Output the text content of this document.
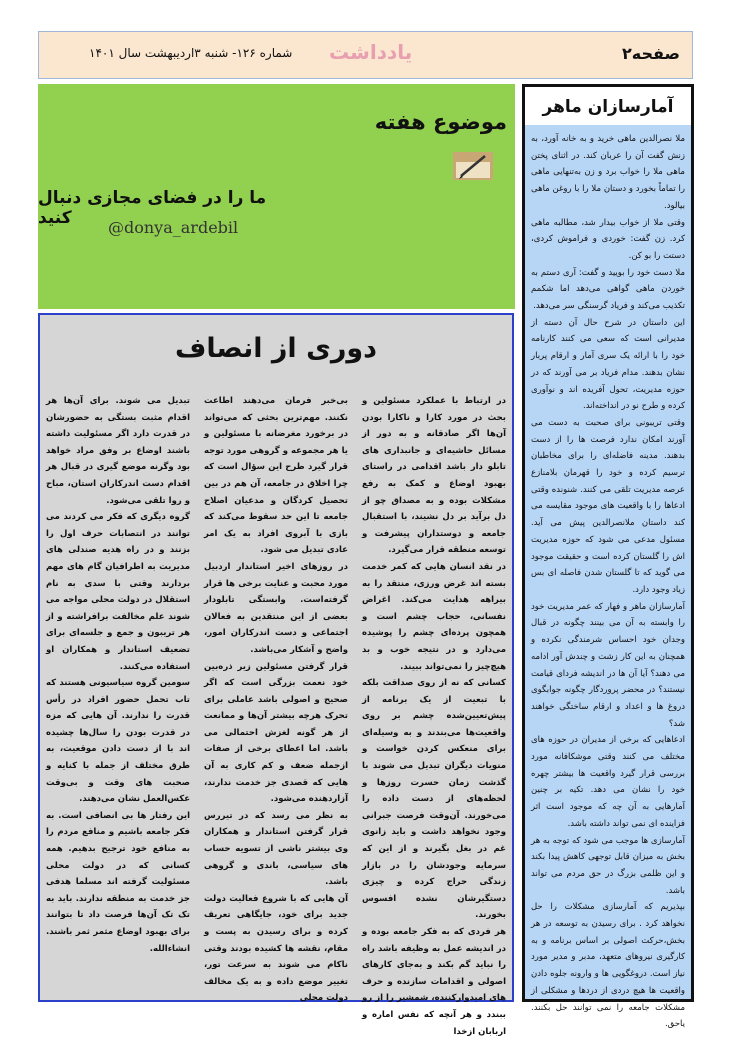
صفحه۲
یادداشت
شماره ۱۲۶- شنبه ۳اردیبهشت سال ۱۴۰۱
موضوع هفته
ما را در فضای مجازی دنبال کنید	@donya_ardebil
آمارسازان ماهر

ملا نصرالدین ماهی خرید و به خانه آورد، به زنش گفت آن را عربان کند. در اثنای پختن ماهی ملا را خواب برد و زن به‌تنهایی ماهی را تماماً بخورد و دستان ملا را با روغن ماهی بیالود.

وقتی ملا از خواب بیدار شد، مطالبه ماهی کرد. زن گفت: خوردی و فراموش کردی، دستت را بو کن.

ملا دست خود را بویید و گفت: آری دستم به خوردن ماهی گواهی می‌دهد اما شکمم تکذیب می‌کند و فریاد گرسنگی سر می‌دهد.

این داستان در شرح حال آن دسته از مدیرانی است که سعی می کنند کارنامه خود را با ارائه یک سری آمار و ارقام پربار نشان بدهند. مدام فریاد بر می آورند که در حوزه مدیریت، تحول آفریده اند و نوآوری کرده و طرح نو در انداخته‌اند.

وقتی تریبونی برای صحبت به دست می آورند امکان ندارد فرصت ها را از دست بدهند. مدینه فاضله‌ای را برای مخاطبان ترسیم کرده و خود را قهرمان بلامنازع عرصه مدیریت تلقی می کنند. شنونده وقتی ادعاها را با واقعیت های موجود مقایسه می کند داستان ملانصرالدین پیش می آید. مسئول مدعی می شود که حوزه مدیریت اش را گلستان کرده است و حقیقت موجود می گوید که تا گلستان شدن فاصله ای بس زیاد وجود دارد.

آمارسازان ماهر و فهار که عمر مدیریت خود را وابسته به آن می بینند چگونه در قبال وجدان خود احساس شرمندگی نکرده و همچنان به این کار زشت و چندش آور ادامه می دهند؟ آیا آن ها در اندیشه فردای قیامت نیستند؟ در محضر پروردگار چگونه جوابگوی دروغ ها و اعداد و ارقام ساختگی خواهند شد؟

ادعاهایی که برخی از مدیران در حوزه های مختلف می کنند وقتی موشکافانه مورد بررسی قرار گیرد واقعیت ها بیشتر چهره خود را نشان می دهد. تکیه بر چنین آمارهایی به آن چه که موجود است اثر فزاینده ای نمی تواند داشته باشد.

آمارسازی ها موجب می شود که توجه به هر بخش به میزان قابل توجهی کاهش پیدا بکند و این ظلمی بزرگ در حق مردم می تواند باشد.

بپذیریم که آمارسازی مشکلات را حل نخواهد کرد . برای رسیدن به توسعه در هر بخش،حرکت اصولی بر اساس برنامه و به کارگیری نیروهای متعهد، مدبر و مدیر مورد نیاز است. دروغگویی ها و وارونه جلوه دادن واقعیت ها هیچ دردی از دردها و مشکلی از مشکلات جامعه را نمی توانند حل بکنند. یاحق.

دوری از انصاف

در ارتباط با عملکرد مسئولین و بحث در مورد کارا و ناکارا بودن آن‌ها اگر صادقانه و به دور از مسائل حاشیه‌ای و جانبداری های تابلو دار باشد اقدامی در راستای بهبود اوضاع و کمک به رفع مشکلات بوده و به مصداق چو از دل برآید بر دل نشیند، با استقبال جامعه و دوستداران پیشرفت و توسعه منطقه قرار می‌گیرد.

در نقد انسان هایی که کمر خدمت بسته اند غرض ورزی، منتقد را به بیراهه هدایت می‌کند. اغراض نفسانی، حجاب چشم است و همچون پرده‌ای چشم را پوشیده می‌دارد و در نتیجه خوب و بد هیچ‌چیز را نمی‌تواند ببیند.

کسانی که نه از روی صداقت بلکه با تبعیت از یک برنامه از پیش‌تعیین‌شده چشم بر روی واقعیت‌ها می‌بندند و به وسیله‌ای برای منعکس کردن خواست و منویات دیگران تبدیل می شوند با گذشت زمان حسرت روزها و لحظه‌های از دست داده را می‌خورند. آن‌وقت فرصت جبرانی وجود نخواهد داشت و باید زانوی غم در بغل بگیرند و از این که سرمایه وجودشان را در بازار زندگی حراج کرده و چیزی دستگیرشان نشده افسوس بخورند.

هر فردی که به فکر جامعه بوده و در اندیشه عمل به وظیفه باشد راه را نباید گم بکند و به‌جای کارهای اصولی و اقدامات سازنده و حرف های امیدوارکننده، شمشیر را از رو ببندد و هر آنچه که نفس اماره و اربابان ازخدا

بی‌خبر فرمان می‌دهند اطاعت نکنند. مهم‌ترین بحثی که می‌تواند در برخورد مغرضانه با مسئولین و یا هر مجموعه و گروهی مورد توجه قرار گیرد طرح این سؤال است که چرا اخلاق در جامعه، آن هم در بین تحصیل کردگان و مدعیان اصلاح جامعه تا این حد سقوط می‌کند که بازی با آبروی افراد به یک امر عادی تبدیل می شود.

در روزهای اخیر استاندار اردبیل مورد محبت و عنایت برخی ها قرار گرفته‌است. وابستگی تابلودار بعضی از این منتقدین به فعالان اجتماعی و دست اندرکاران امور، واضح و آشکار می‌باشد.

قرار گرفتن مسئولین زیر ذره‌بین خود نعمت بزرگی است که اگر صحیح و اصولی باشد عاملی برای تحرک هرچه بیشتر آن‌ها و ممانعت از هر گونه لغزش احتمالی می باشد. اما اعطای برخی از صفات ازجمله ضعف و کم کاری به آن هایی که قصدی جز خدمت ندارند، آزاردهنده می‌شود.

به نظر می رسد که در تیررس قرار گرفتن استاندار و همکاران وی بیشتر ناشی از تسویه حساب های سیاسی، باندی و گروهی باشد.

آن هایی که با شروع فعالیت دولت جدید برای خود، جایگاهی تعریف کرده و برای رسیدن به پست و مقام، نقشه ها کشیده بودند وقتی ناکام می شوند به سرعت تور، تغییر موضع داده و به یک مخالف دولت محلی

تبدیل می شوند. برای آن‌ها هر اقدام مثبت بستگی به حضورشان در قدرت دارد اگر مسئولیت داشته باشند اوضاع بر وفق مراد خواهد بود وگرنه موضع گیری در قبال هر اقدام دست اندرکاران استان، مباح و روا تلقی می‌شود.

گروه دیگری که فکر می کردند می توانند در انتصابات حرف اول را بزنند و در راه هدیه صندلی های مدیریت به اطرافیان گام های مهم بردارند وقتی با سدی به نام استقلال در دولت محلی مواجه می شوند علم مخالفت برافراشته و از هر تریبون و جمع و جلسه‌ای برای تضعیف استاندار و همکاران او استفاده می‌کنند.

سومین گروه سیاسیونی هستند که تاب تحمل حضور افراد در رأس قدرت را ندارند. آن هایی که مزه در قدرت بودن را سال‌ها چشیده اند با از دست دادن موقعیت، به طرق مختلف از جمله با کنایه و صحبت های وقت و بی‌وقت عکس‌العمل نشان می‌دهند.

این رفتار ها بی انصافی است. به فکر جامعه باشیم و منافع مردم را به منافع خود ترجیح بدهیم. همه کسانی که در دولت محلی مسئولیت گرفته اند مسلما هدفی جز خدمت به منطقه ندارند. باید به تک تک آن‌ها فرصت داد تا بتوانند برای بهبود اوضاع مثمر ثمر باشند. انشاءالله.
